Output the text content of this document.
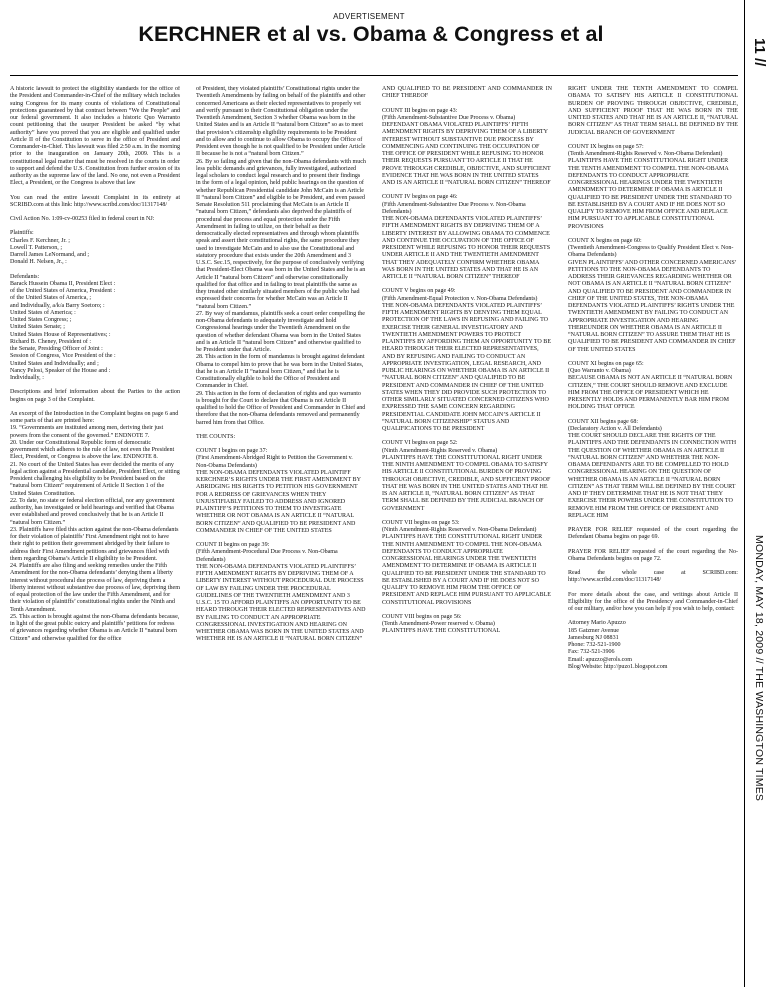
ADVERTISEMENT
KERCHNER et al vs. Obama & Congress et al

A historic lawsuit to protect the eligibility standards for the office of the President and Commander-in-Chief of the military which includes suing Congress for its many counts of violations of Constitutional protections guaranteed by that contract between “We the People” and our federal government. It also includes a historic Quo Warranto count petitioning that the usurper President be asked “by what authority” have you proved that you are eligible and qualified under Article II of the Constitution to serve in the office of President and Commander-in-Chief. This lawsuit was filed 2:50 a.m. in the morning prior to the inauguration on January 20th, 2009. This is a constitutional legal matter that must be resolved in the courts in order to support and defend the U.S. Constitution from further erosion of its authority as the supreme law of the land. No one, not even a President Elect, a President, or the Congress is above that law

You can read the entire lawsuit Complaint in its entirety at SCRIBD.com at this link: http://www.scribd.com/doc/11317148/

Civil Action No. 1:09-cv-00253 filed in federal court in NJ:

Plaintiffs:
Charles F. Kerchner, Jr. ;
Lowell T. Patterson, ;
Darrell James LeNormand, and ;
Donald H. Nelsen, Jr., :

Defendants:
Barack Hussein Obama II, President Elect :
of the United States of America, President :
of the United States of America, ;
and Individually, a/k/a Barry Soetoro; :
United States of America; :
United States Congress; ;
United States Senate; ;
United States House of Representatives; :
Richard B. Cheney, President of :
the Senate, Presiding Officer of Joint :
Session of Congress, Vice President of the :
United States and Individually; and ;
Nancy Pelosi, Speaker of the House and :
Individually, :

Descriptions and brief information about the Parties to the action begins on page 3 of the Complaint.

An excerpt of the Introduction in the Complaint begins on page 6 and some parts of that are printed here:
19. “Governments are instituted among men, deriving their just powers from the consent of the governed.” ENDNOTE 7.
20. Under our Constitutional Republic form of democratic government which adheres to the rule of law, not even the President Elect, President, or Congress is above the law. ENDNOTE 8.
21. No court of the United States has ever decided the merits of any legal action against a Presidential candidate, President Elect, or sitting President challenging his eligibility to be President based on the “natural born Citizen” requirement of Article II Section 1 of the United States Constitution.
22. To date, no state or federal election official, nor any government authority, has investigated or held hearings and verified that Obama ever established and proved conclusively that he is an Article II “natural born Citizen.”
23. Plaintiffs have filed this action against the non-Obama defendants for their violation of plaintiffs’ First Amendment right not to have their right to petition their government abridged by their failure to address their First Amendment petitions and grievances filed with them regarding Obama’s Article II eligibility to be President.
24. Plaintiffs are also filing and seeking remedies under the Fifth Amendment for the non-Obama defendants’ denying them a liberty interest without procedural due process of law, depriving them a liberty interest without substantive due process of law, depriving them of equal protection of the law under the Fifth Amendment, and for their violation of plaintiffs’ constitutional rights under the Ninth and Tenth Amendment.
25. This action is brought against the non-Obama defendants because, in light of the great public outcry and plaintiffs’ petitions for redress of grievances regarding whether Obama is an Article II “natural born Citizen” and otherwise qualified for the office

of President, they violated plaintiffs’ Constitutional rights under the Twentieth Amendments by failing on behalf of the plaintiffs and other concerned Americans as their elected representatives to properly vet and verify pursuant to their Constitutional obligation under the Twentieth Amendment, Section 3 whether Obama was born in the United States and is an Article II “natural born Citizen” so as to meet that provision’s citizenship eligibility requirements to be President and to allow and to continue to allow Obama to occupy the Office of President even though he is not qualified to be President under Article II because he is not a “natural born Citizen.”
26. By so failing and given that the non-Obama defendants with much less public demands and grievances, fully investigated, authorized legal scholars to conduct legal research and to present their findings in the form of a legal opinion, held public hearings on the question of whether Republican Presidential candidate John McCain is an Article II “natural born Citizen” and eligible to be President, and even passed Senate Resolution 511 proclaiming that McCain is an Article II “natural born Citizen,” defendants also deprived the plaintiffs of procedural due process and equal protection under the Fifth Amendment in failing to utilize, on their behalf as their democratically elected representatives and through whom plaintiffs speak and assert their constitutional rights, the same procedure they used to investigate McCain and to also use the Constitutional and statutory procedure that exists under the 20th Amendment and 3 U.S.C. Sec.15, respectively, for the purpose of conclusively verifying that President-Elect Obama was born in the United States and he is an Article II “natural born Citizen” and otherwise constitutionally qualified for that office and in failing to treat plaintiffs the same as they treated other similarly situated members of the public who had expressed their concerns for whether McCain was an Article II “natural born Citizen.”
27. By way of mandamus, plaintiffs seek a court order compelling the non-Obama defendants to adequately investigate and hold Congressional hearings under the Twentieth Amendment on the question of whether defendant Obama was born in the United States and is an Article II “natural born Citizen” and otherwise qualified to be President under that Article.
28. This action in the form of mandamus is brought against defendant Obama to compel him to prove that he was born in the United States, that he is an Article II “natural born Citizen,” and that he is Constitutionally eligible to hold the Office of President and Commander in Chief.
29. This action in the form of declaration of rights and quo warranto is brought for the Court to declare that Obama is not Article II qualified to hold the Office of President and Commander in Chief and therefore that the non-Obama defendants removed and permanently barred him from that Office.

THE COUNTS:

COUNT I begins on page 37:
(First Amendment-Abridged Right to Petition the Government v. Non-Obama Defendants)
THE NON-OBAMA DEFENDANTS VIOLATED PLAINTIFF KERCHNER’S RIGHTS UNDER THE FIRST AMENDMENT BY ABRIDGING HIS RIGHTS TO PETITION HIS GOVERNMENT FOR A REDRESS OF GRIEVANCES WHEN THEY UNJUSTIFIABLY FAILED TO ADDRESS AND IGNORED PLAINTIFF’S PETITIONS TO THEM TO INVESTIGATE WHETHER OR NOT OBAMA IS AN ARTICLE II “NATURAL BORN CITIZEN” AND QUALIFIED TO BE PRESIDENT AND COMMANDER IN CHIEF OF THE UNITED STATES

COUNT II begins on page 39:
(Fifth Amendment-Procedural Due Process v. Non-Obama Defendants)
THE NON-OBAMA DEFENDANTS VIOLATED PLAINTIFFS’ FIFTH AMENDMENT RIGHTS BY DEPRIVING THEM OF A LIBERTY INTEREST WITHOUT PROCEDURAL DUE PROCESS OF LAW BY FAILING UNDER THE PROCEDURAL GUIDELINES OF THE TWENTIETH AMENDMENT AND 3 U.S.C. 15 TO AFFORD PLAINTIFFS AN OPPORTUNITY TO BE HEARD THROUGH THEIR ELECTED REPRESENTATIVES AND BY FAILING TO CONDUCT AN APPROPRIATE CONGRESSIONAL INVESTIGATION AND HEARING ON WHETHER OBAMA WAS BORN IN THE UNITED STATES AND WHETHER HE IS AN ARTICLE II “NATURAL BORN CITIZEN”

AND QUALIFIED TO BE PRESIDENT AND COMMANDER IN CHIEF THEREOF

COUNT III begins on page 43:
(Fifth Amendment-Substantive Due Process v. Obama)
DEFENDANT OBAMA VIOLATED PLAINTIFFS’ FIFTH AMENDMENT RIGHTS BY DEPRIVING THEM OF A LIBERTY INTEREST WITHOUT SUBSTANTIVE DUE PROCESS BY COMMENCING AND CONTINUING THE OCCUPATION OF THE OFFICE OF PRESIDENT WHILE REFUSING TO HONOR THEIR REQUESTS PURSUANT TO ARTICLE II THAT HE PROVE THROUGH CREDIBLE, OBJECTIVE, AND SUFFICIENT EVIDENCE THAT HE WAS BORN IN THE UNITED STATES AND IS AN ARTICLE II “NATURAL BORN CITIZEN” THEREOF

COUNT IV begins on page 46:
(Fifth Amendment-Substantive Due Process v. Non-Obama Defendants)
THE NON-OBAMA DEFENDANTS VIOLATED PLAINTIFFS’ FIFTH AMENDMENT RIGHTS BY DEPRIVING THEM OF A LIBERTY INTEREST BY ALLOWING OBAMA TO COMMENCE AND CONTINUE THE OCCUPATION OF THE OFFICE OF PRESIDENT WHILE REFUSING TO HONOR THEIR REQUESTS UNDER ARTICLE II AND THE TWENTIETH AMENDMENT THAT THEY ADEQUATELY CONFIRM WHETHER OBAMA WAS BORN IN THE UNITED STATES AND THAT HE IS AN ARTICLE II “NATURAL BORN CITIZEN” THEREOF

COUNT V begins on page 49:
(Fifth Amendment-Equal Protection v. Non-Obama Defendants)
THE NON-OBAMA DEFENDANTS VIOLATED PLAINTIFFS’ FIFTH AMENDMENT RIGHTS BY DENYING THEM EQUAL PROTECTION OF THE LAWS IN REFUSING AND FAILING TO EXERCISE THEIR GENERAL INVESTIGATORY AND TWENTIETH AMENDMENT POWERS TO PROTECT PLAINTIFFS BY AFFORDING THEM AN OPPORTUNITY TO BE HEARD THROUGH THEIR ELECTED REPRESENTATIVES, AND BY REFUSING AND FAILING TO CONDUCT AN APPROPRIATE INVESTIGATION, LEGAL RESEARCH, AND PUBLIC HEARINGS ON WHETHER OBAMA IS AN ARTICLE II “NATURAL BORN CITIZEN” AND QUALIFIED TO BE PRESIDENT AND COMMANDER IN CHIEF OF THE UNITED STATES WHEN THEY DID PROVIDE SUCH PROTECTION TO OTHER SIMILARLY SITUATED CONCERNED CITIZENS WHO EXPRESSED THE SAME CONCERN REGARDING PRESIDENTIAL CANDIDATE JOHN MCCAIN’S ARTICLE II “NATURAL BORN CITIZENSHIP” STATUS AND QUALIFICATIONS TO BE PRESIDENT

COUNT VI begins on page 52:
(Ninth Amendment-Rights Reserved v. Obama)
PLAINTIFFS HAVE THE CONSTITUTIONAL RIGHT UNDER THE NINTH AMENDMENT TO COMPEL OBAMA TO SATISFY HIS ARTICLE II CONSTITUTIONAL BURDEN OF PROVING THROUGH OBJECTIVE, CREDIBLE, AND SUFFICIENT PROOF THAT HE WAS BORN IN THE UNITED STATES AND THAT HE IS AN ARTICLE II, “NATURAL BORN CITIZEN” AS THAT TERM SHALL BE DEFINED BY THE JUDICIAL BRANCH OF GOVERNMENT

COUNT VII begins on page 53:
(Ninth Amendment-Rights Reserved v. Non-Obama Defendant)
PLAINTIFFS HAVE THE CONSTITUTIONAL RIGHT UNDER THE NINTH AMENDMENT TO COMPEL THE NON-OBAMA DEFENDANTS TO CONDUCT APPROPRIATE CONGRESSIONAL HEARINGS UNDER THE TWENTIETH AMENDMENT TO DETERMINE IF OBAMA IS ARTICLE II QUALIFIED TO BE PRESIDENT UNDER THE STANDARD TO BE ESTABLISHED BY A COURT AND IF HE DOES NOT SO QUALIFY TO REMOVE HIM FROM THE OFFICE OF PRESIDENT AND REPLACE HIM PURSUANT TO APPLICABLE CONSTITUTIONAL PROVISIONS

COUNT VIII begins on page 56:
(Tenth Amendment-Power reserved v. Obama)
PLAINTIFFS HAVE THE CONSTITUTIONAL

RIGHT UNDER THE TENTH AMENDMENT TO COMPEL OBAMA TO SATISFY HIS ARTICLE II CONSTITUTIONAL BURDEN OF PROVING THROUGH OBJECTIVE, CREDIBLE, AND SUFFICIENT PROOF THAT HE WAS BORN IN THE UNITED STATES AND THAT HE IS AN ARTICLE II, “NATURAL BORN CITIZEN” AS THAT TERM SHALL BE DEFINED BY THE JUDICIAL BRANCH OF GOVERNMENT

COUNT IX begins on page 57:
(Tenth Amendment-Rights Reserved v. Non-Obama Defendant)
PLAINTIFFS HAVE THE CONSTITUTIONAL RIGHT UNDER THE TENTH AMENDMENT TO COMPEL THE NON-OBAMA DEFENDANTS TO CONDUCT APPROPRIATE CONGRESSIONAL HEARINGS UNDER THE TWENTIETH AMENDMENT TO DETERMINE IF OBAMA IS ARTICLE II QUALIFIED TO BE PRESIDENT UNDER THE STANDARD TO BE ESTABLISHED BY A COURT AND IF HE DOES NOT SO QUALIFY TO REMOVE HIM FROM OFFICE AND REPLACE HIM PURSUANT TO APPLICABLE CONSTITUTIONAL PROVISIONS

COUNT X begins on page 60:
(Twentieth Amendment-Congress to Qualify President Elect v. Non-Obama Defendants)
GIVEN PLAINTIFFS’ AND OTHER CONCERNED AMERICANS’ PETITIONS TO THE NON-OBAMA DEFENDANTS TO ADDRESS THEIR GRIEVANCES REGARDING WHETHER OR NOT OBAMA IS AN ARTICLE II “NATURAL BORN CITIZEN” AND QUALIFIED TO BE PRESIDENT AND COMMANDER IN CHIEF OF THE UNITED STATES, THE NON-OBAMA DEFENDANTS VIOLATED PLAINTIFFS’ RIGHTS UNDER THE TWENTIETH AMENDMENT BY FAILING TO CONDUCT AN APPROPRIATE INVESTIGATION AND HEARING THEREUNDER ON WHETHER OBAMA IS AN ARTICLE II “NATURAL BORN CITIZEN” TO ASSURE THEM THAT HE IS QUALIFIED TO BE PRESIDENT AND COMMANDER IN CHIEF OF THE UNITED STATES

COUNT XI begins on page 65:
(Quo Warranto v. Obama)
BECAUSE OBAMA IS NOT AN ARTICLE II “NATURAL BORN CITIZEN,” THE COURT SHOULD REMOVE AND EXCLUDE HIM FROM THE OFFICE OF PRESIDENT WHICH HE PRESENTLY HOLDS AND PERMANENTLY BAR HIM FROM HOLDING THAT OFFICE

COUNT XII begins page 68:
(Declaratory Action v. All Defendants)
THE COURT SHOULD DECLARE THE RIGHTS OF THE PLAINTIFFS AND THE DEFENDANTS IN CONNECTION WITH THE QUESTION OF WHETHER OBAMA IS AN ARTICLE II “NATURAL BORN CITIZEN” AND WHETHER THE NON-OBAMA DEFENDANTS ARE TO BE COMPELLED TO HOLD CONGRESSIONAL HEARING ON THE QUESTION OF WHETHER OBAMA IS AN ARTICLE II “NATURAL BORN CITIZEN” AS THAT TERM WILL BE DEFINED BY THE COURT AND IF THEY DETERMINE THAT HE IS NOT THAT THEY EXERCISE THEIR POWERS UNDER THE CONSTITUTION TO REMOVE HIM FROM THE OFFICE OF PRESIDENT AND REPLACE HIM

PRAYER FOR RELIEF requested of the court regarding the Defendant Obama begins on page 69.

PRAYER FOR RELIEF requested of the court regarding the No-Obama Defendants begins on page 72.

Read the whole case at SCRIBD.com: http://www.scribd.com/doc/11317148/

For more details about the case, and writings about Article II Eligibility for the office of the Presidency and Commander-in-Chief of our military, and/or how you can help if you wish to help, contact:

Attorney Mario Apuzzo
185 Gatzmer Avenue
Jamesburg NJ 08831
Phone: 732-521-1900
Fax: 732-521-3906
Email: apuzzo@erols.com
Blog/Website: http://puzo1.blogspot.com

11 //
MONDAY, MAY 18, 2009 // THE WASHINGTON TIMES
